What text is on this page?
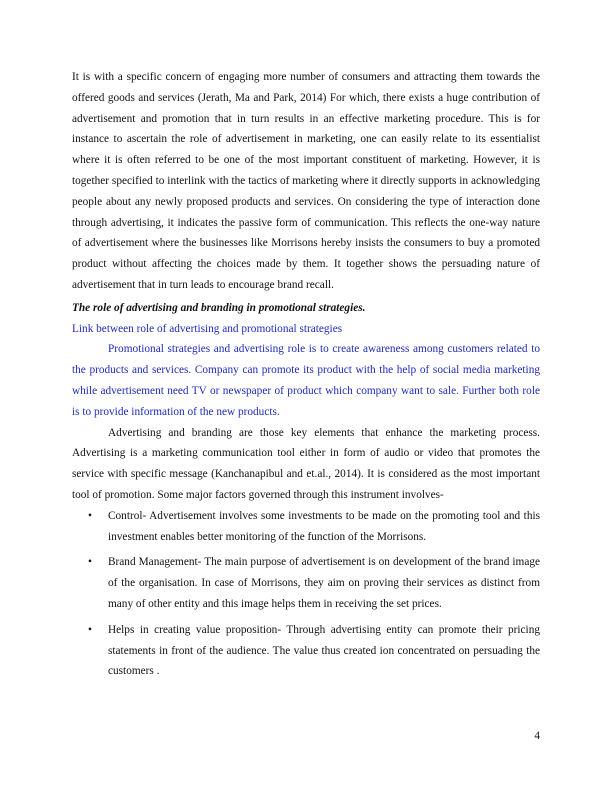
It is with a specific concern of engaging more number of consumers and attracting them towards the offered goods and services (Jerath, Ma and Park, 2014) For which, there exists a huge contribution of advertisement and promotion that in turn results in an effective marketing procedure. This is for instance to ascertain the role of advertisement in marketing, one can easily relate to its essentialist where it is often referred to be one of the most important constituent of marketing. However, it is together specified to interlink with the tactics of marketing where it directly supports in acknowledging people about any newly proposed products and services. On considering the type of interaction done through advertising, it indicates the passive form of communication. This reflects the one-way nature of advertisement where the businesses like Morrisons hereby insists the consumers to buy a promoted product without affecting the choices made by them. It together shows the persuading nature of advertisement that in turn leads to encourage brand recall.

The role of advertising and branding in promotional strategies.

Link between role of advertising and promotional strategies

Promotional strategies and advertising role is to create awareness among customers related to the products and services. Company can promote its product with the help of social media marketing while advertisement need TV or newspaper of product which company want to sale. Further both role is to provide information of the new products.

Advertising and branding are those key elements that enhance the marketing process. Advertising is a marketing communication tool either in form of audio or video that promotes the service with specific message (Kanchanapibul and et.al., 2014). It is considered as the most important tool of promotion. Some major factors governed through this instrument involves-

• Control- Advertisement involves some investments to be made on the promoting tool and this investment enables better monitoring of the function of the Morrisons.

• Brand Management- The main purpose of advertisement is on development of the brand image of the organisation. In case of Morrisons, they aim on proving their services as distinct from many of other entity and this image helps them in receiving the set prices.

• Helps in creating value proposition- Through advertising entity can promote their pricing statements in front of the audience. The value thus created ion concentrated on persuading the customers .

4
